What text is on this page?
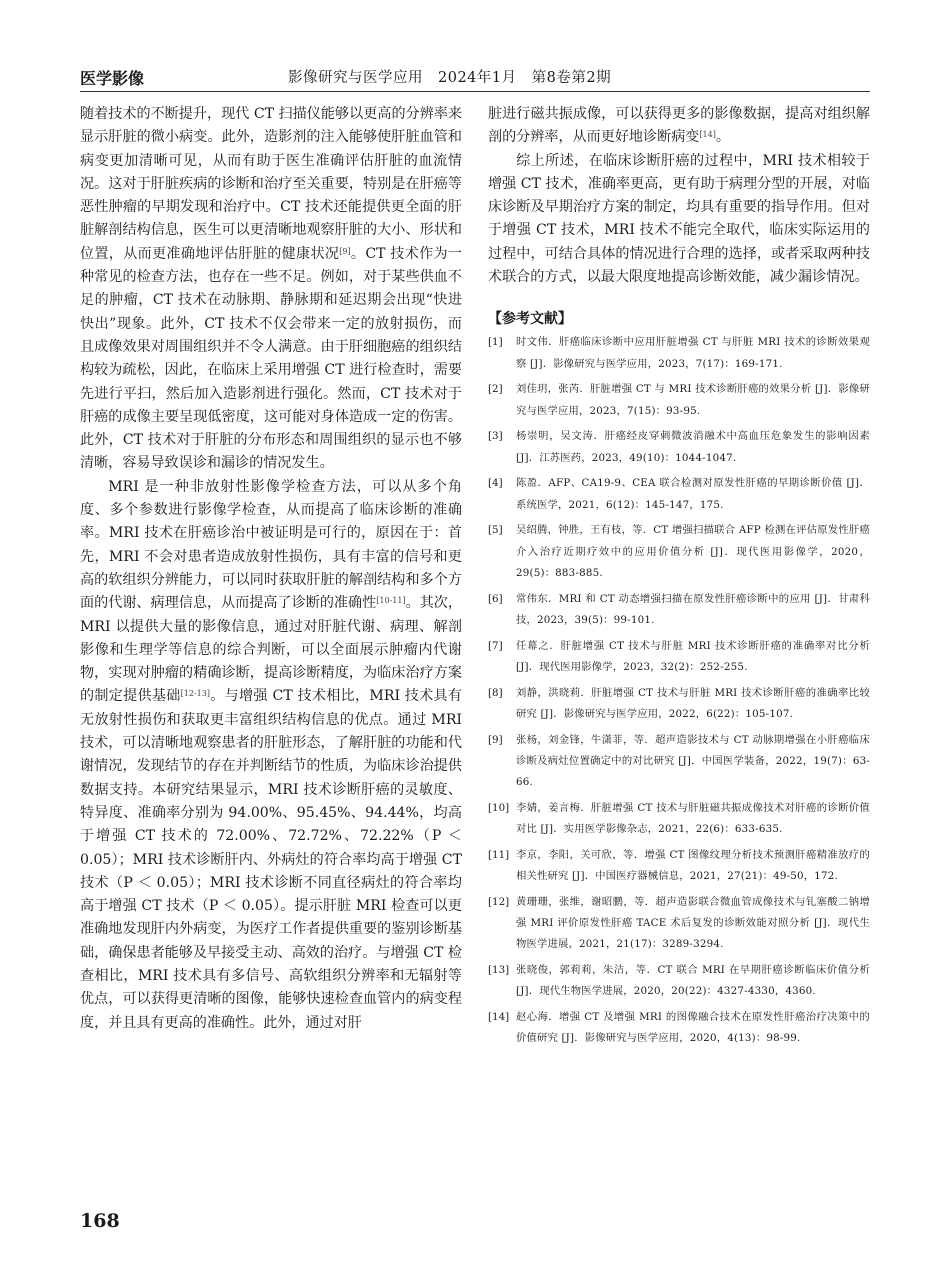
医学影像	影像研究与医学应用　2024年1月　第8卷第2期

随着技术的不断提升，现代 CT 扫描仪能够以更高的分辨率来显示肝脏的微小病变。此外，造影剂的注入能够使肝脏血管和病变更加清晰可见，从而有助于医生准确评估肝脏的血流情况。这对于肝脏疾病的诊断和治疗至关重要，特别是在肝癌等恶性肿瘤的早期发现和治疗中。CT 技术还能提供更全面的肝脏解剖结构信息，医生可以更清晰地观察肝脏的大小、形状和位置，从而更准确地评估肝脏的健康状况[9]。CT 技术作为一种常见的检查方法，也存在一些不足。例如，对于某些供血不足的肿瘤，CT 技术在动脉期、静脉期和延迟期会出现“快进快出”现象。此外，CT 技术不仅会带来一定的放射损伤，而且成像效果对周围组织并不令人满意。由于肝细胞癌的组织结构较为疏松，因此，在临床上采用增强 CT 进行检查时，需要先进行平扫，然后加入造影剂进行强化。然而，CT 技术对于肝癌的成像主要呈现低密度，这可能对身体造成一定的伤害。此外，CT 技术对于肝脏的分布形态和周围组织的显示也不够清晰，容易导致误诊和漏诊的情况发生。

MRI 是一种非放射性影像学检查方法，可以从多个角度、多个参数进行影像学检查，从而提高了临床诊断的准确率。MRI 技术在肝癌诊治中被证明是可行的，原因在于：首先，MRI 不会对患者造成放射性损伤，具有丰富的信号和更高的软组织分辨能力，可以同时获取肝脏的解剖结构和多个方面的代谢、病理信息，从而提高了诊断的准确性[10-11]。其次，MRI 以提供大量的影像信息，通过对肝脏代谢、病理、解剖影像和生理学等信息的综合判断，可以全面展示肿瘤内代谢物，实现对肿瘤的精确诊断，提高诊断精度，为临床治疗方案的制定提供基础[12-13]。与增强 CT 技术相比，MRI 技术具有无放射性损伤和获取更丰富组织结构信息的优点。通过 MRI 技术，可以清晰地观察患者的肝脏形态，了解肝脏的功能和代谢情况，发现结节的存在并判断结节的性质，为临床诊治提供数据支持。本研究结果显示，MRI 技术诊断肝癌的灵敏度、特异度、准确率分别为 94.00%、95.45%、94.44%，均高于增强 CT 技术的 72.00%、72.72%、72.22%（P ＜ 0.05）；MRI 技术诊断肝内、外病灶的符合率均高于增强 CT 技术（P ＜ 0.05）；MRI 技术诊断不同直径病灶的符合率均高于增强 CT 技术（P ＜ 0.05）。提示肝脏 MRI 检查可以更准确地发现肝内外病变，为医疗工作者提供重要的鉴别诊断基础，确保患者能够及早接受主动、高效的治疗。与增强 CT 检查相比，MRI 技术具有多信号、高软组织分辨率和无辐射等优点，可以获得更清晰的图像，能够快速检查血管内的病变程度，并且具有更高的准确性。此外，通过对肝

脏进行磁共振成像，可以获得更多的影像数据，提高对组织解剖的分辨率，从而更好地诊断病变[14]。

综上所述，在临床诊断肝癌的过程中，MRI 技术相较于增强 CT 技术，准确率更高，更有助于病理分型的开展，对临床诊断及早期治疗方案的制定，均具有重要的指导作用。但对于增强 CT 技术，MRI 技术不能完全取代，临床实际运用的过程中，可结合具体的情况进行合理的选择，或者采取两种技术联合的方式，以最大限度地提高诊断效能，减少漏诊情况。

【参考文献】
[1]	时文伟．肝癌临床诊断中应用肝脏增强 CT 与肝脏 MRI 技术的诊断效果观察 [J]．影像研究与医学应用，2023，7(17)：169-171.
[2]	刘佳玥，张芮．肝脏增强 CT 与 MRI 技术诊断肝癌的效果分析 [J]．影像研究与医学应用，2023，7(15)：93-95.
[3]	杨崇明，吴文涛．肝癌经皮穿刺微波消融术中高血压危象发生的影响因素 [J]．江苏医药，2023，49(10)：1044-1047.
[4]	陈盈．AFP、CA19-9、CEA 联合检测对原发性肝癌的早期诊断价值 [J]．系统医学，2021，6(12)：145-147，175.
[5]	吴绍腾，钟胜，王有枝，等．CT 增强扫描联合 AFP 检测在评估原发性肝癌介入治疗近期疗效中的应用价值分析 [J]．现代医用影像学，2020，29(5)：883-885.
[6]	常伟东．MRI 和 CT 动态增强扫描在原发性肝癌诊断中的应用 [J]．甘肃科技，2023，39(5)：99-101.
[7]	任幕之．肝脏增强 CT 技术与肝脏 MRI 技术诊断肝癌的准确率对比分析 [J]．现代医用影像学，2023，32(2)：252-255.
[8]	刘静，洪晓莉．肝脏增强 CT 技术与肝脏 MRI 技术诊断肝癌的准确率比较研究 [J]．影像研究与医学应用，2022，6(22)：105-107.
[9]	张杨，刘金锋，牛潇菲，等．超声造影技术与 CT 动脉期增强在小肝癌临床诊断及病灶位置确定中的对比研究 [J]．中国医学装备，2022，19(7)：63-66.
[10] 李婧，姜言梅．肝脏增强 CT 技术与肝脏磁共振成像技术对肝癌的诊断价值对比 [J]．实用医学影像杂志，2021，22(6)：633-635.
[11] 李京，李阳，关可欣，等．增强 CT 图像纹理分析技术预测肝癌精准放疗的相关性研究 [J]．中国医疗器械信息，2021，27(21)：49-50，172.
[12] 黄珊珊，张维，谢昭鹏，等．超声造影联合微血管成像技术与钆塞酸二钠增强 MRI 评价原发性肝癌 TACE 术后复发的诊断效能对照分析 [J]．现代生物医学进展，2021，21(17)：3289-3294.
[13] 张晓俊，郭莉莉，朱洁，等．CT 联合 MRI 在早期肝癌诊断临床价值分析 [J]．现代生物医学进展，2020，20(22)：4327-4330，4360.
[14] 赵心海．增强 CT 及增强 MRI 的图像融合技术在原发性肝癌治疗决策中的价值研究 [J]．影像研究与医学应用，2020，4(13)：98-99.
168
